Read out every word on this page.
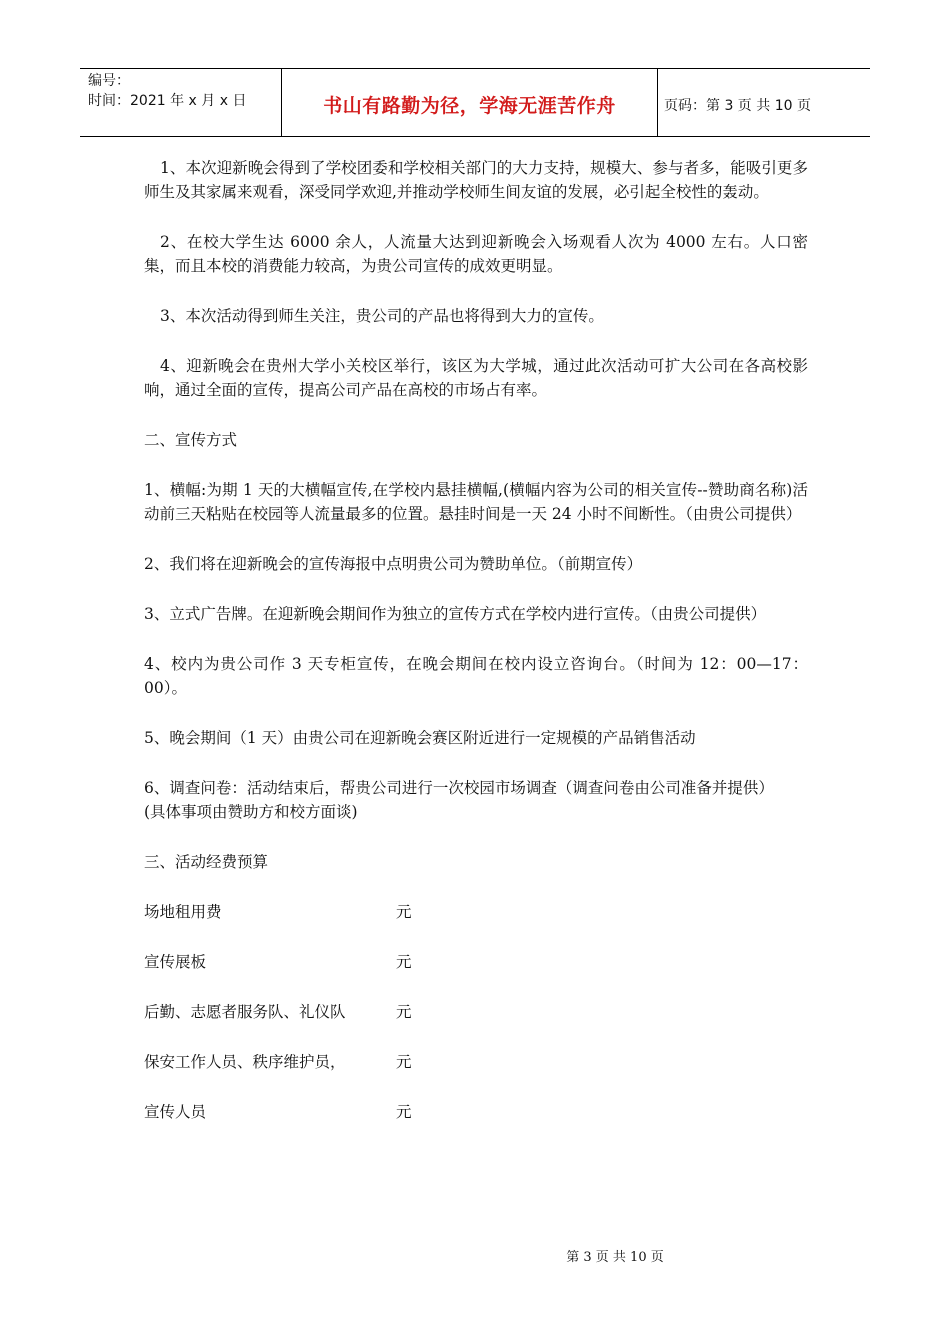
编号：
时间：2021 年 x 月 x 日	书山有路勤为径，学海无涯苦作舟	页码：第 3 页 共 10 页

1、本次迎新晚会得到了学校团委和学校相关部门的大力支持，规模大、参与者多，能吸引更多师生及其家属来观看，深受同学欢迎,并推动学校师生间友谊的发展，必引起全校性的轰动。

2、在校大学生达 6000 余人，人流量大达到迎新晚会入场观看人次为 4000 左右。人口密集，而且本校的消费能力较高，为贵公司宣传的成效更明显。

3、本次活动得到师生关注，贵公司的产品也将得到大力的宣传。

4、迎新晚会在贵州大学小关校区举行，该区为大学城，通过此次活动可扩大公司在各高校影响，通过全面的宣传，提高公司产品在高校的市场占有率。

二、宣传方式

1、横幅:为期 1 天的大横幅宣传,在学校内悬挂横幅,(横幅内容为公司的相关宣传--赞助商名称)活动前三天粘贴在校园等人流量最多的位置。悬挂时间是一天 24 小时不间断性。（由贵公司提供）

2、我们将在迎新晚会的宣传海报中点明贵公司为赞助单位。（前期宣传）

3、立式广告牌。在迎新晚会期间作为独立的宣传方式在学校内进行宣传。（由贵公司提供）

4、校内为贵公司作 3 天专柜宣传，在晚会期间在校内设立咨询台。（时间为 12：00—17：00）。

5、晚会期间（1 天）由贵公司在迎新晚会赛区附近进行一定规模的产品销售活动

6、调查问卷：活动结束后，帮贵公司进行一次校园市场调查（调查问卷由公司准备并提供）

(具体事项由赞助方和校方面谈)

三、活动经费预算

场地租用费	元
宣传展板	元
后勤、志愿者服务队、礼仪队	元
保安工作人员、秩序维护员，	元
宣传人员	元
第 3 页 共 10 页
